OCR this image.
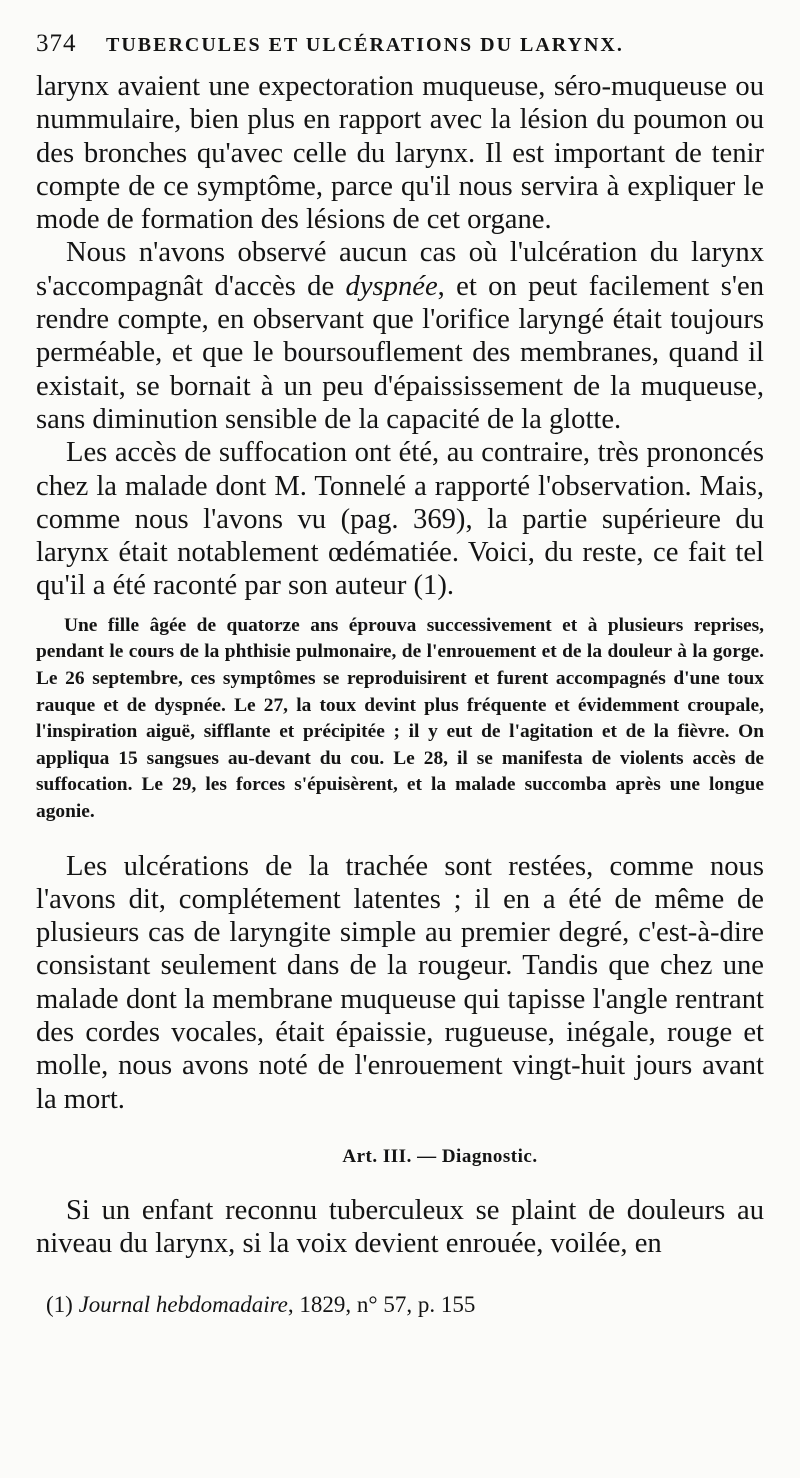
374	TUBERCULES ET ULCÉRATIONS DU LARYNX.

larynx avaient une expectoration muqueuse, séro-muqueuse ou nummulaire, bien plus en rapport avec la lésion du poumon ou des bronches qu'avec celle du larynx. Il est important de tenir compte de ce symptôme, parce qu'il nous servira à expliquer le mode de formation des lésions de cet organe.

Nous n'avons observé aucun cas où l'ulcération du larynx s'accompagnât d'accès de dyspnée, et on peut facilement s'en rendre compte, en observant que l'orifice laryngé était toujours perméable, et que le boursouflement des membranes, quand il existait, se bornait à un peu d'épaississement de la muqueuse, sans diminution sensible de la capacité de la glotte.

Les accès de suffocation ont été, au contraire, très prononcés chez la malade dont M. Tonnelé a rapporté l'observation. Mais, comme nous l'avons vu (pag. 369), la partie supérieure du larynx était notablement œdématiée. Voici, du reste, ce fait tel qu'il a été raconté par son auteur (1).

Une fille âgée de quatorze ans éprouva successivement et à plusieurs reprises, pendant le cours de la phthisie pulmonaire, de l'enrouement et de la douleur à la gorge. Le 26 septembre, ces symptômes se reproduisirent et furent accompagnés d'une toux rauque et de dyspnée. Le 27, la toux devint plus fréquente et évidemment croupale, l'inspiration aiguë, sifflante et précipitée ; il y eut de l'agitation et de la fièvre. On appliqua 15 sangsues au-devant du cou. Le 28, il se manifesta de violents accès de suffocation. Le 29, les forces s'épuisèrent, et la malade succomba après une longue agonie.

Les ulcérations de la trachée sont restées, comme nous l'avons dit, complétement latentes ; il en a été de même de plusieurs cas de laryngite simple au premier degré, c'est-à-dire consistant seulement dans de la rougeur. Tandis que chez une malade dont la membrane muqueuse qui tapisse l'angle rentrant des cordes vocales, était épaissie, rugueuse, inégale, rouge et molle, nous avons noté de l'enrouement vingt-huit jours avant la mort.

Art. III. — Diagnostic.

Si un enfant reconnu tuberculeux se plaint de douleurs au niveau du larynx, si la voix devient enrouée, voilée, en

(1) Journal hebdomadaire, 1829, n° 57, p. 155
